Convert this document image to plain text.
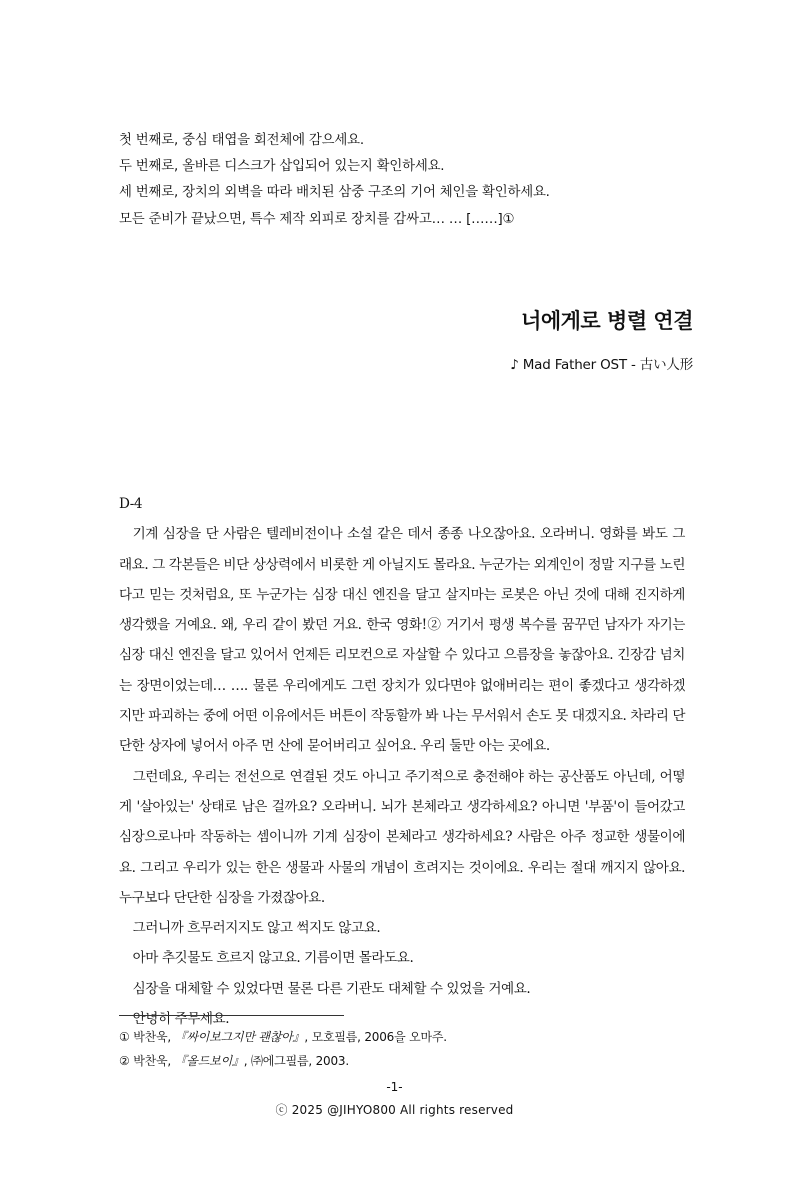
첫 번째로, 중심 태엽을 회전체에 감으세요.
두 번째로, 올바른 디스크가 삽입되어 있는지 확인하세요.
세 번째로, 장치의 외벽을 따라 배치된 삼중 구조의 기어 체인을 확인하세요.
모든 준비가 끝났으면, 특수 제작 외피로 장치를 감싸고… … [……]①
너에게로 병렬 연결
♪ Mad Father OST - 古い人形
D-4
기계 심장을 단 사람은 텔레비전이나 소설 같은 데서 종종 나오잖아요. 오라버니. 영화를 봐도 그래요. 그 각본들은 비단 상상력에서 비롯한 게 아닐지도 몰라요. 누군가는 외계인이 정말 지구를 노린다고 믿는 것처럼요, 또 누군가는 심장 대신 엔진을 달고 살지마는 로봇은 아닌 것에 대해 진지하게 생각했을 거예요. 왜, 우리 같이 봤던 거요. 한국 영화!② 거기서 평생 복수를 꿈꾸던 남자가 자기는 심장 대신 엔진을 달고 있어서 언제든 리모컨으로 자살할 수 있다고 으름장을 놓잖아요. 긴장감 넘치는 장면이었는데… …. 물론 우리에게도 그런 장치가 있다면야 없애버리는 편이 좋겠다고 생각하겠지만 파괴하는 중에 어떤 이유에서든 버튼이 작동할까 봐 나는 무서워서 손도 못 대겠지요. 차라리 단단한 상자에 넣어서 아주 먼 산에 묻어버리고 싶어요. 우리 둘만 아는 곳에요.
그런데요, 우리는 전선으로 연결된 것도 아니고 주기적으로 충전해야 하는 공산품도 아닌데, 어떻게 '살아있는' 상태로 남은 걸까요? 오라버니. 뇌가 본체라고 생각하세요? 아니면 '부품'이 들어갔고 심장으로나마 작동하는 셈이니까 기계 심장이 본체라고 생각하세요? 사람은 아주 정교한 생물이에요. 그리고 우리가 있는 한은 생물과 사물의 개념이 흐려지는 것이에요. 우리는 절대 깨지지 않아요. 누구보다 단단한 심장을 가졌잖아요.
그러니까 흐무러지지도 않고 썩지도 않고요.
아마 추깃물도 흐르지 않고요. 기름이면 몰라도요.
심장을 대체할 수 있었다면 물론 다른 기관도 대체할 수 있었을 거예요.
안녕히 주무세요.
① 박찬욱, 『싸이보그지만 괜찮아』, 모호필름, 2006을 오마주.
② 박찬욱, 『올드보이』, ㈜에그필름, 2003.
-1-
ⓒ 2025 @JIHYO800 All rights reserved
